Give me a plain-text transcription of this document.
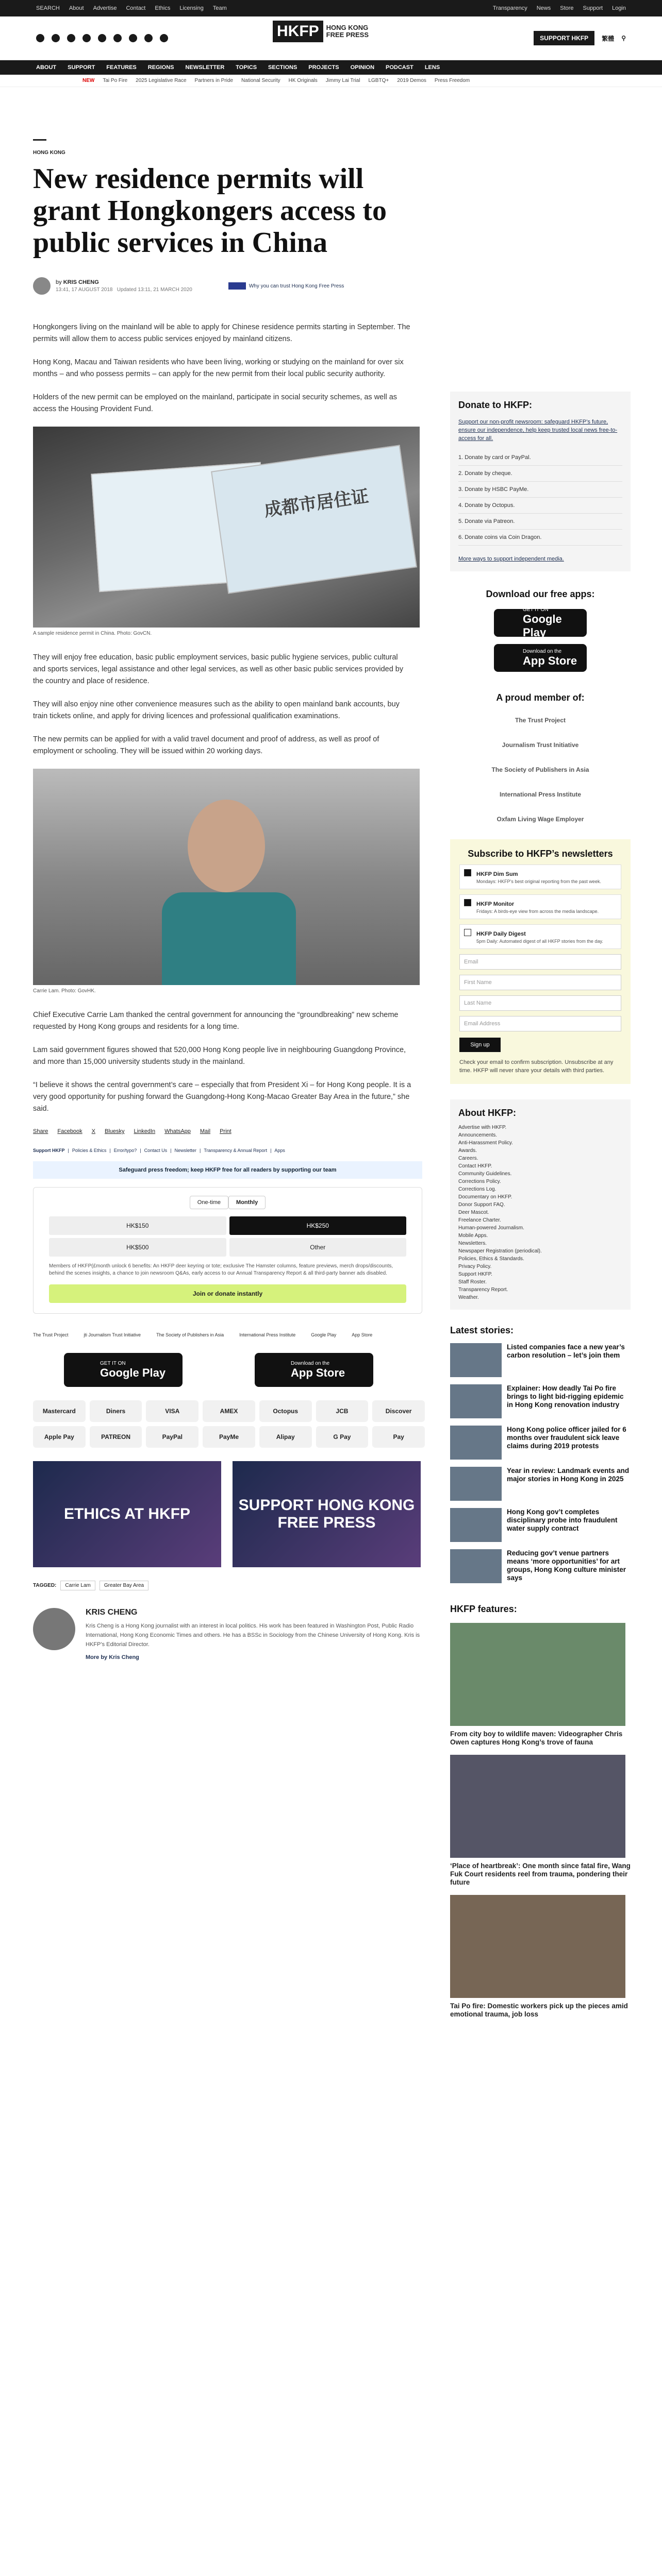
SEARCH About Advertise Contact Ethics Licensing Team	Transparency News Store Support Login
SUPPORT HKFP	繁體 ⚲
HKFP	HONG KONG
FREE PRESS
ABOUT SUPPORT FEATURES REGIONS NEWSLETTER TOPICS SECTIONS PROJECTS OPINION PODCAST LENS
NEW Tai Po Fire 2025 Legislative Race Partners in Pride National Security HK Originals Jimmy Lai Trial LGBTQ+ 2019 Demos Press Freedom
HONG KONG
New residence permits will grant Hongkongers access to public services in China
by KRIS CHENG
13:41, 17 AUGUST 2018 Updated 13:11, 21 MARCH 2020
Why you can trust Hong Kong Free Press

Hongkongers living on the mainland will be able to apply for Chinese residence permits starting in September. The permits will allow them to access public services enjoyed by mainland citizens.

Hong Kong, Macau and Taiwan residents who have been living, working or studying on the mainland for over six months – and who possess permits – can apply for the new permit from their local public security authority.

Holders of the new permit can be employed on the mainland, participate in social security schemes, as well as access the Housing Provident Fund.

成都市居住证
A sample residence permit in China. Photo: GovCN.

They will enjoy free education, basic public employment services, basic public hygiene services, public cultural and sports services, legal assistance and other legal services, as well as other basic public services provided by the country and place of residence.

They will also enjoy nine other convenience measures such as the ability to open mainland bank accounts, buy train tickets online, and apply for driving licences and professional qualification examinations.

The new permits can be applied for with a valid travel document and proof of address, as well as proof of employment or schooling. They will be issued within 20 working days.

Carrie Lam. Photo: GovHK.

Chief Executive Carrie Lam thanked the central government for announcing the “groundbreaking” new scheme requested by Hong Kong groups and residents for a long time.

Lam said government figures showed that 520,000 Hong Kong people live in neighbouring Guangdong Province, and more than 15,000 university students study in the mainland.

“I believe it shows the central government’s care – especially that from President Xi – for Hong Kong people. It is a very good opportunity for pushing forward the Guangdong-Hong Kong-Macao Greater Bay Area in the future,” she said.

Share Facebook X Bluesky LinkedIn WhatsApp Mail Print
Support HKFP | Policies & Ethics | Error/typo? | Contact Us | Newsletter | Transparency & Annual Report | Apps
Safeguard press freedom; keep HKFP free for all readers by supporting our team
One-time	Monthly
HK$150	HK$250
HK$500	Other

Members of HKFP(£month unlock 6 benefits: An HKFP deer keyring or tote; exclusive The Hamster columns, feature previews, merch drops/discounts, behind the scenes insights, a chance to join newsroom Q&As, early access to our Annual Transparency Report & all third-party banner ads disabled.

Join or donate instantly
The Trust Project	jti Journalism Trust Initiative	The Society of Publishers in Asia	International Press Institute	Google Play	App Store
GET IT ON
Google Play
Download on the
App Store
Mastercard	Diners	VISA	AMEX	Octopus	JCB	Discover
Apple Pay	PATREON	PayPal	PayMe	Alipay	G Pay	Pay
ETHICS AT HKFP
SUPPORT HONG KONG FREE PRESS
TAGGED:	Carrie Lam	Greater Bay Area
KRIS CHENG

Kris Cheng is a Hong Kong journalist with an interest in local politics. His work has been featured in Washington Post, Public Radio International, Hong Kong Economic Times and others. He has a BSSc in Sociology from the Chinese University of Hong Kong. Kris is HKFP’s Editorial Director.

More by Kris Cheng
Donate to HKFP:

Support our non-profit newsroom: safeguard HKFP’s future, ensure our independence, help keep trusted local news free-to-access for all.

1. Donate by card or PayPal.
2. Donate by cheque.
3. Donate by HSBC PayMe.
4. Donate by Octopus.
5. Donate via Patreon.
6. Donate coins via Coin Dragon.

More ways to support independent media.

Download our free apps:
GET IT ON
Google Play
Download on the
App Store
A proud member of:
The Trust Project
Journalism Trust Initiative
The Society of Publishers in Asia
International Press Institute
Oxfam Living Wage Employer
Subscribe to HKFP’s newsletters
HKFP Dim Sum

Mondays: HKFP’s best original reporting from the past week.

HKFP Monitor

Fridays: A birds-eye view from across the media landscape.

HKFP Daily Digest

5pm Daily: Automated digest of all HKFP stories from the day.

Email
First Name
Last Name
Email Address
Sign up

Check your email to confirm subscription. Unsubscribe at any time. HKFP will never share your details with third parties.

About HKFP:
Advertise with HKFP.
Announcements.
Anti-Harassment Policy.
Awards.
Careers.
Contact HKFP.
Community Guidelines.
Corrections Policy.
Corrections Log.
Documentary on HKFP.
Donor Support FAQ.
Deer Mascot.
Freelance Charter.
Human-powered Journalism.
Mobile Apps.
Newsletters.
Newspaper Registration (periodical).
Policies, Ethics & Standards.
Privacy Policy.
Support HKFP.
Staff Roster.
Transparency Report.
Weather.
Latest stories:
Listed companies face a new year’s carbon resolution – let’s join them
Explainer: How deadly Tai Po fire brings to light bid-rigging epidemic in Hong Kong renovation industry
Hong Kong police officer jailed for 6 months over fraudulent sick leave claims during 2019 protests
Year in review: Landmark events and major stories in Hong Kong in 2025
Hong Kong gov’t completes disciplinary probe into fraudulent water supply contract
Reducing gov’t venue partners means ‘more opportunities’ for art groups, Hong Kong culture minister says
HKFP features:
From city boy to wildlife maven: Videographer Chris Owen captures Hong Kong’s trove of fauna
‘Place of heartbreak’: One month since fatal fire, Wang Fuk Court residents reel from trauma, pondering their future
Tai Po fire: Domestic workers pick up the pieces amid emotional trauma, job loss
